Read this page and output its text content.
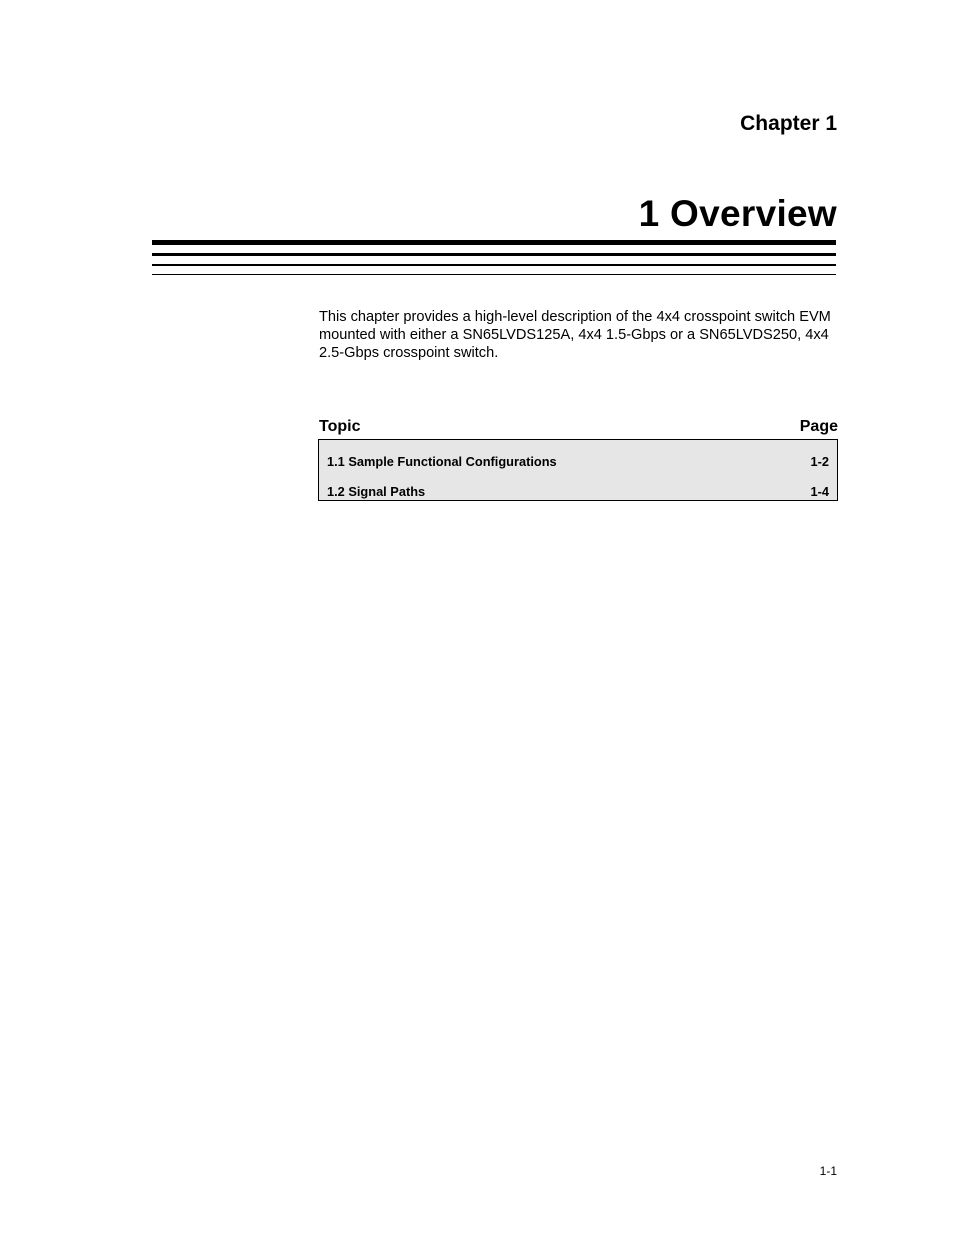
Chapter 1
1 Overview

This chapter provides a high-level description of the 4x4 crosspoint switch EVM mounted with either a SN65LVDS125A, 4x4 1.5-Gbps or a SN65LVDS250, 4x4 2.5-Gbps crosspoint switch.

Topic	Page
1.1 Sample Functional Configurations	1-2
1.2 Signal Paths	1-4
1-1
